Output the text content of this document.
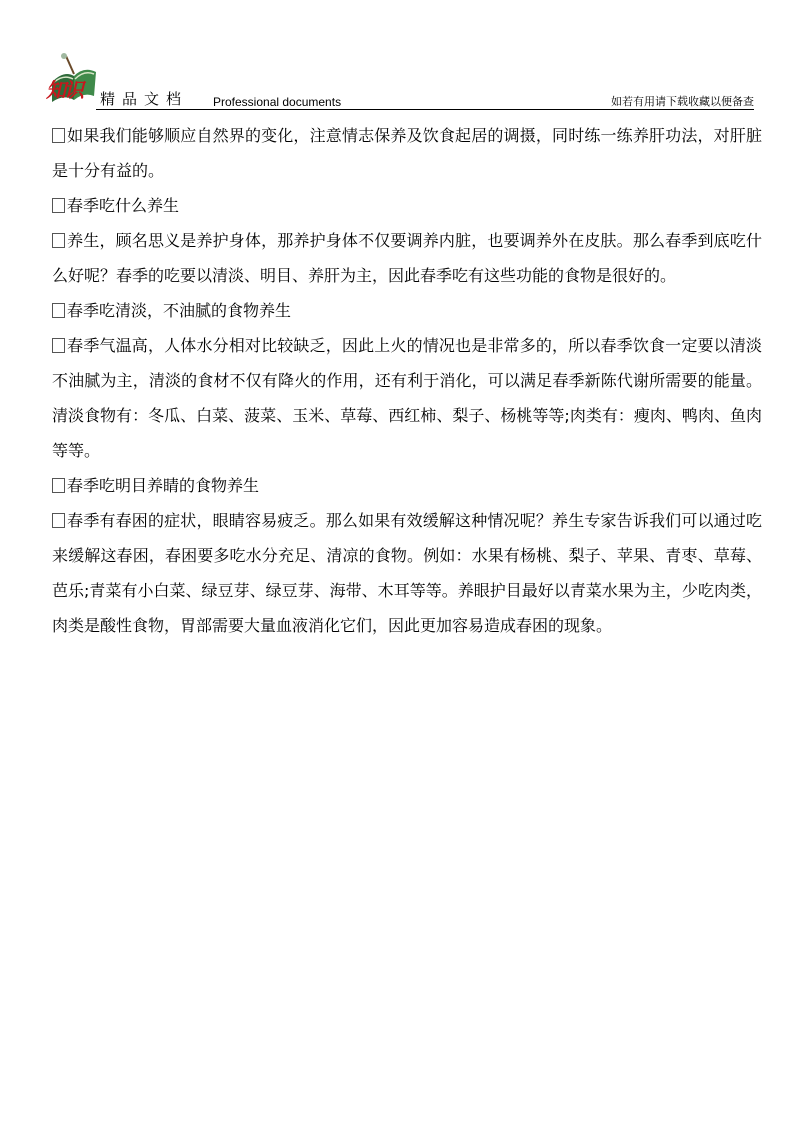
知识 精品文档 Professional documents	如若有用请下载收藏以便备查

如果我们能够顺应自然界的变化，注意情志保养及饮食起居的调摄，同时练一练养肝功法，对肝脏是十分有益的。

春季吃什么养生

养生，顾名思义是养护身体，那养护身体不仅要调养内脏，也要调养外在皮肤。那么春季到底吃什么好呢？春季的吃要以清淡、明目、养肝为主，因此春季吃有这些功能的食物是很好的。

春季吃清淡，不油腻的食物养生

春季气温高，人体水分相对比较缺乏，因此上火的情况也是非常多的，所以春季饮食一定要以清淡不油腻为主，清淡的食材不仅有降火的作用，还有利于消化，可以满足春季新陈代谢所需要的能量。清淡食物有：冬瓜、白菜、菠菜、玉米、草莓、西红柿、梨子、杨桃等等;肉类有：瘦肉、鸭肉、鱼肉等等。

春季吃明目养睛的食物养生

春季有春困的症状，眼睛容易疲乏。那么如果有效缓解这种情况呢？养生专家告诉我们可以通过吃来缓解这春困，春困要多吃水分充足、清凉的食物。例如：水果有杨桃、梨子、苹果、青枣、草莓、芭乐;青菜有小白菜、绿豆芽、绿豆芽、海带、木耳等等。养眼护目最好以青菜水果为主，少吃肉类，肉类是酸性食物，胃部需要大量血液消化它们，因此更加容易造成春困的现象。
